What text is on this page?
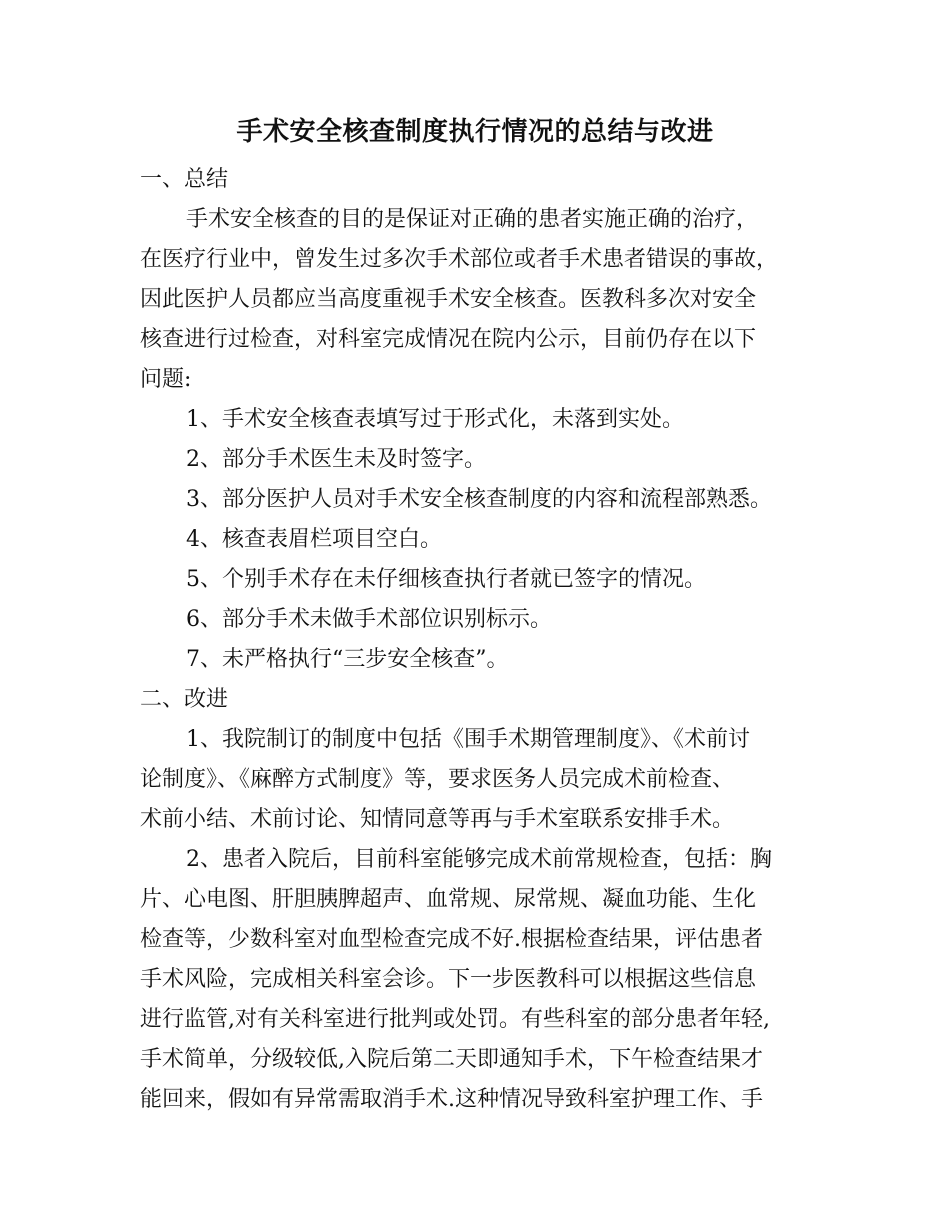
手术安全核查制度执行情况的总结与改进

一、总结

手术安全核查的目的是保证对正确的患者实施正确的治疗，

在医疗行业中，曾发生过多次手术部位或者手术患者错误的事故，

因此医护人员都应当高度重视手术安全核查。医教科多次对安全

核查进行过检查，对科室完成情况在院内公示，目前仍存在以下

问题:

1、手术安全核查表填写过于形式化，未落到实处。

2、部分手术医生未及时签字。

3、部分医护人员对手术安全核查制度的内容和流程部熟悉。

4、核查表眉栏项目空白。

5、个别手术存在未仔细核查执行者就已签字的情况。

6、部分手术未做手术部位识别标示。

7、未严格执行“三步安全核查”。

二、改进

1、我院制订的制度中包括《围手术期管理制度》、《术前讨

论制度》、《麻醉方式制度》等，要求医务人员完成术前检查、

术前小结、术前讨论、知情同意等再与手术室联系安排手术。

2、患者入院后，目前科室能够完成术前常规检查，包括：胸

片、心电图、肝胆胰脾超声、血常规、尿常规、凝血功能、生化

检查等，少数科室对血型检查完成不好.根据检查结果，评估患者

手术风险，完成相关科室会诊。下一步医教科可以根据这些信息

进行监管,对有关科室进行批判或处罚。有些科室的部分患者年轻,

手术简单，分级较低,入院后第二天即通知手术，下午检查结果才

能回来，假如有异常需取消手术.这种情况导致科室护理工作、手
